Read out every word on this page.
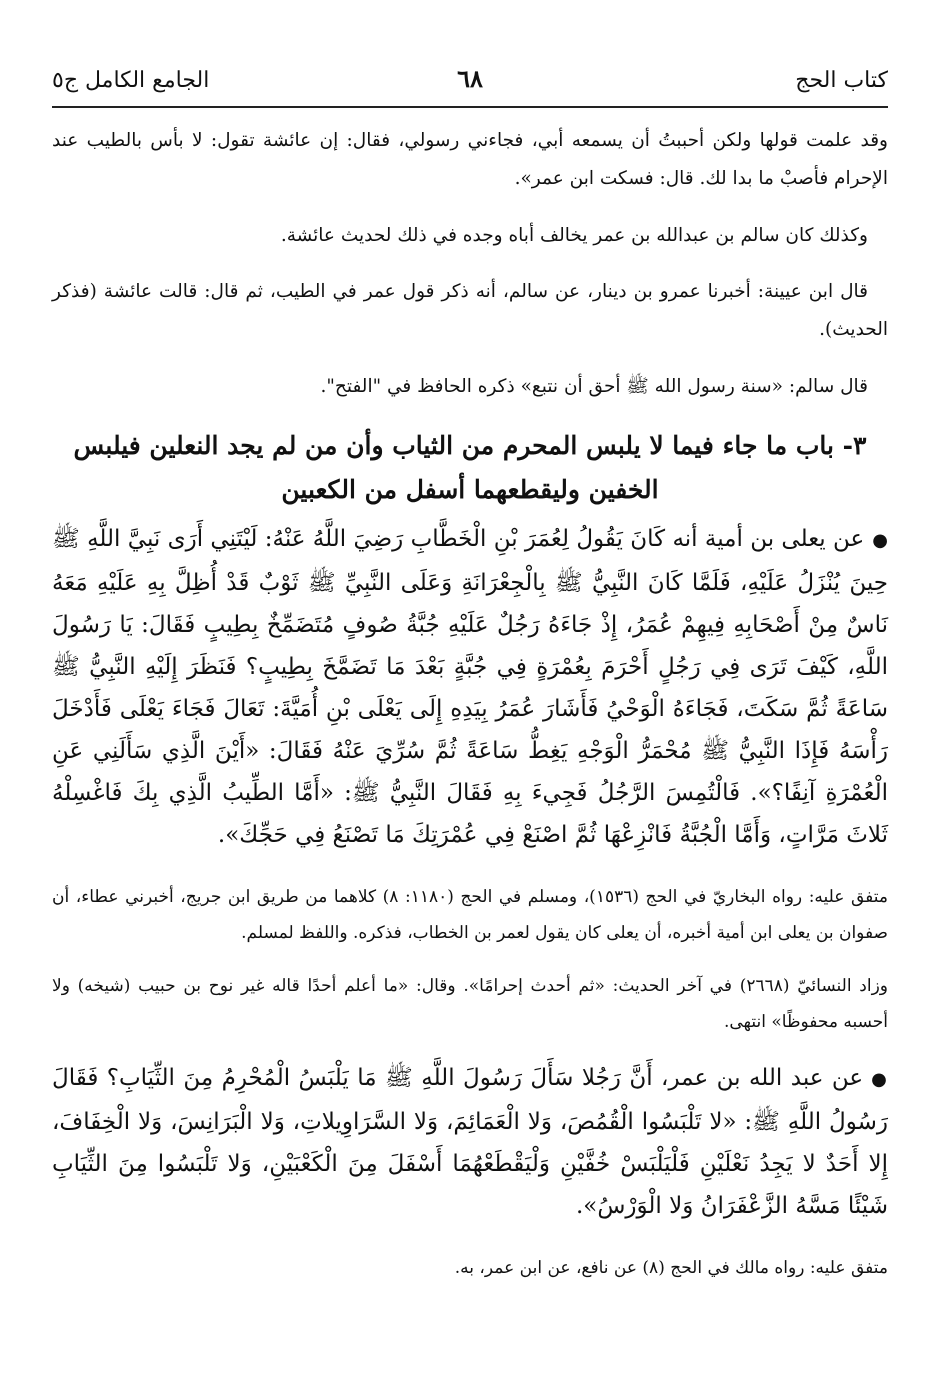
كتاب الحج
٦٨
الجامع الكامل ج٥

وقد علمت قولها ولكن أحببتُ أن يسمعه أبي، فجاءني رسولي، فقال: إن عائشة تقول: لا بأس بالطيب عند الإحرام فأصبْ ما بدا لك. قال: فسكت ابن عمر».

وكذلك كان سالم بن عبدالله بن عمر يخالف أباه وجده في ذلك لحديث عائشة.

قال ابن عيينة: أخبرنا عمرو بن دينار، عن سالم، أنه ذكر قول عمر في الطيب، ثم قال: قالت عائشة (فذكر الحديث).

قال سالم: «سنة رسول الله ﷺ أحق أن نتبع» ذكره الحافظ في "الفتح".

٣- باب ما جاء فيما لا يلبس المحرم من الثياب وأن من لم يجد النعلين فيلبس الخفين وليقطعهما أسفل من الكعبين

●عن يعلى بن أمية أنه كَانَ يَقُولُ لِعُمَرَ بْنِ الْخَطَّابِ رَضِيَ اللَّهُ عَنْهُ: لَيْتَنِي أَرَى نَبِيَّ اللَّهِ ﷺ حِينَ يُنْزَلُ عَلَيْهِ، فَلَمَّا كَانَ النَّبِيُّ ﷺ بِالْجِعْرَانَةِ وَعَلَى النَّبِيِّ ﷺ ثَوْبٌ قَدْ أُظِلَّ بِهِ عَلَيْهِ مَعَهُ نَاسٌ مِنْ أَصْحَابِهِ فِيهِمْ عُمَرُ، إِذْ جَاءَهُ رَجُلٌ عَلَيْهِ جُبَّةُ صُوفٍ مُتَضَمِّخٌ بِطِيبٍ فَقَالَ: يَا رَسُولَ اللَّهِ، كَيْفَ تَرَى فِي رَجُلٍ أَحْرَمَ بِعُمْرَةٍ فِي جُبَّةٍ بَعْدَ مَا تَضَمَّخَ بِطِيبٍ؟ فَنَظَرَ إِلَيْهِ النَّبِيُّ ﷺ سَاعَةً ثُمَّ سَكَتَ، فَجَاءَهُ الْوَحْيُ فَأَشَارَ عُمَرُ بِيَدِهِ إِلَى يَعْلَى بْنِ أُمَيَّةَ: تَعَالَ فَجَاءَ يَعْلَى فَأَدْخَلَ رَأْسَهُ فَإِذَا النَّبِيُّ ﷺ مُحْمَرُّ الْوَجْهِ يَغِطُّ سَاعَةً ثُمَّ سُرِّيَ عَنْهُ فَقَالَ: «أَيْنَ الَّذِي سَأَلَنِي عَنِ الْعُمْرَةِ آنِفًا؟». فَالْتُمِسَ الرَّجُلُ فَجِيءَ بِهِ فَقَالَ النَّبِيُّ ﷺ: «أَمَّا الطِّيبُ الَّذِي بِكَ فَاغْسِلْهُ ثَلاثَ مَرَّاتٍ، وَأَمَّا الْجُبَّةُ فَانْزِعْهَا ثُمَّ اصْنَعْ فِي عُمْرَتِكَ مَا تَصْنَعُ فِي حَجِّكَ».

متفق عليه: رواه البخاريّ في الحج (١٥٣٦)، ومسلم في الحج (١١٨٠: ٨) كلاهما من طريق ابن جريج، أخبرني عطاء، أن صفوان بن يعلى ابن أمية أخبره، أن يعلى كان يقول لعمر بن الخطاب، فذكره. واللفظ لمسلم.

وزاد النسائيّ (٢٦٦٨) في آخر الحديث: «ثم أحدث إحرامًا». وقال: «ما أعلم أحدًا قاله غير نوح بن حبيب (شيخه) ولا أحسبه محفوظًا» انتهى.

●عن عبد الله بن عمر، أَنَّ رَجُلا سَأَلَ رَسُولَ اللَّهِ ﷺ مَا يَلْبَسُ الْمُحْرِمُ مِنَ الثِّيَابِ؟ فَقَالَ رَسُولُ اللَّهِ ﷺ: «لا تَلْبَسُوا الْقُمُصَ، وَلا الْعَمَائِمَ، وَلا السَّرَاوِيلاتِ، وَلا الْبَرَانِسَ، وَلا الْخِفَافَ، إِلا أَحَدٌ لا يَجِدُ نَعْلَيْنِ فَلْيَلْبَسْ خُفَّيْنِ وَلْيَقْطَعْهُمَا أَسْفَلَ مِنَ الْكَعْبَيْنِ، وَلا تَلْبَسُوا مِنَ الثِّيَابِ شَيْئًا مَسَّهُ الزَّعْفَرَانُ وَلا الْوَرْسُ».

متفق عليه: رواه مالك في الحج (٨) عن نافع، عن ابن عمر، به.
